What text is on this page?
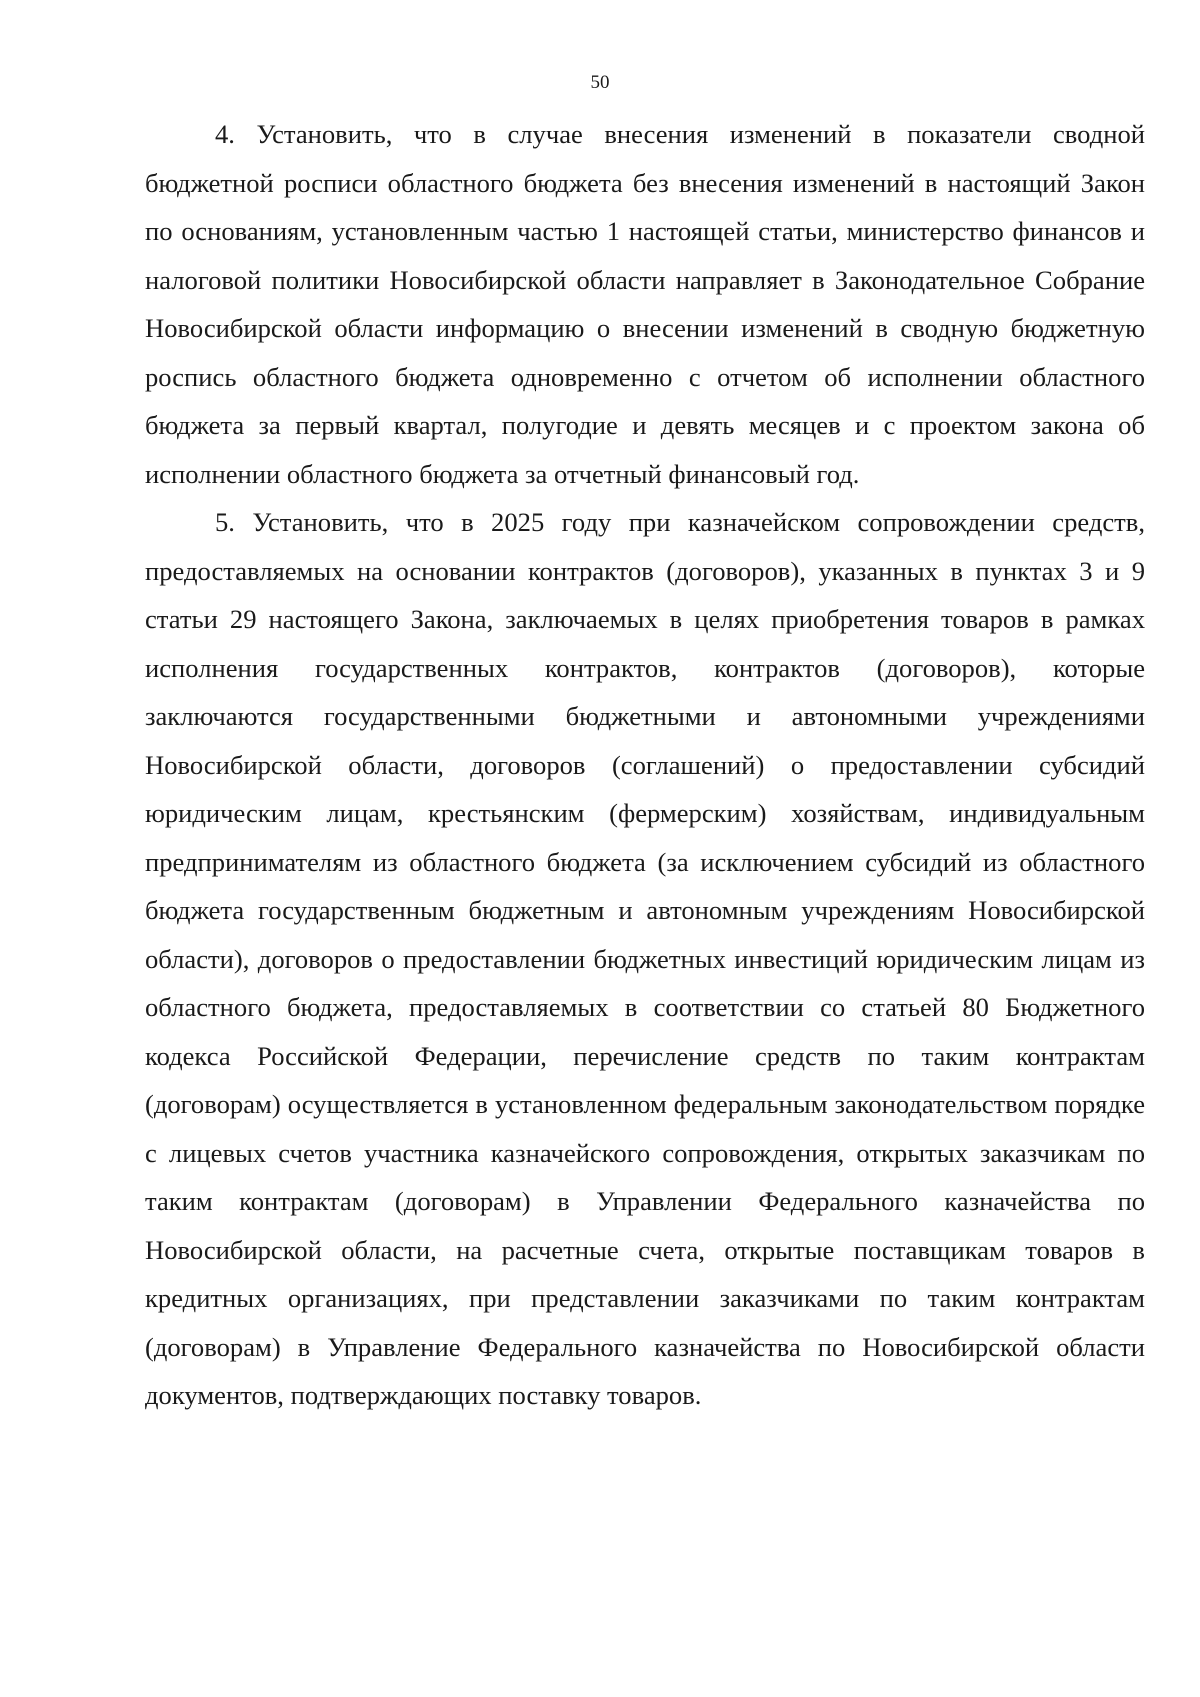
50

4. Установить, что в случае внесения изменений в показатели сводной бюджетной росписи областного бюджета без внесения изменений в настоящий Закон по основаниям, установленным частью 1 настоящей статьи, министерство финансов и налоговой политики Новосибирской области направляет в Законодательное Собрание Новосибирской области информацию о внесении изменений в сводную бюджетную роспись областного бюджета одновременно с отчетом об исполнении областного бюджета за первый квартал, полугодие и девять месяцев и с проектом закона об исполнении областного бюджета за отчетный финансовый год.

5. Установить, что в 2025 году при казначейском сопровождении средств, предоставляемых на основании контрактов (договоров), указанных в пунктах 3 и 9 статьи 29 настоящего Закона, заключаемых в целях приобретения товаров в рамках исполнения государственных контрактов, контрактов (договоров), которые заключаются государственными бюджетными и автономными учреждениями Новосибирской области, договоров (соглашений) о предоставлении субсидий юридическим лицам, крестьянским (фермерским) хозяйствам, индивидуальным предпринимателям из областного бюджета (за исключением субсидий из областного бюджета государственным бюджетным и автономным учреждениям Новосибирской области), договоров о предоставлении бюджетных инвестиций юридическим лицам из областного бюджета, предоставляемых в соответствии со статьей 80 Бюджетного кодекса Российской Федерации, перечисление средств по таким контрактам (договорам) осуществляется в установленном федеральным законодательством порядке с лицевых счетов участника казначейского сопровождения, открытых заказчикам по таким контрактам (договорам) в Управлении Федерального казначейства по Новосибирской области, на расчетные счета, открытые поставщикам товаров в кредитных организациях, при представлении заказчиками по таким контрактам (договорам) в Управление Федерального казначейства по Новосибирской области документов, подтверждающих поставку товаров.
